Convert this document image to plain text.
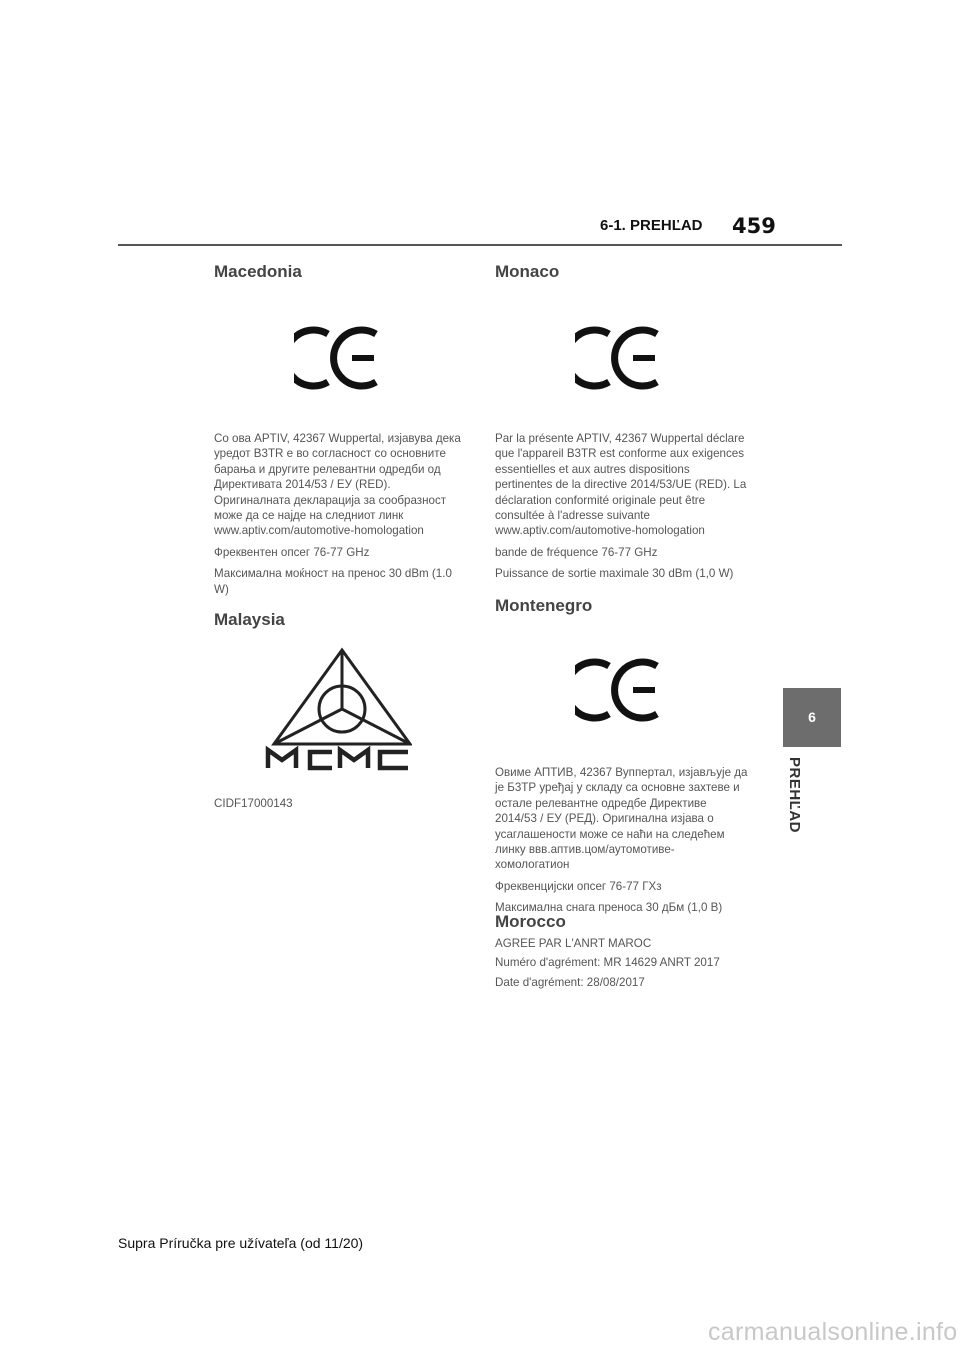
6-1. PREHĽAD 459
6
PREHĽAD
Macedonia

Со ова APTIV, 42367 Wuppertal, изјавува дека уредот B3TR е во согласност со основните барања и другите релевантни одредби од Директивата 2014/53 / ЕУ (RED). Оригиналната декларација за сообразност може да се најде на следниот линк www.aptiv.com/automotive-homologation

Фреквентен опсег 76-77 GHz

Максимална моќност на пренос 30 dBm (1.0 W)

Malaysia

CIDF17000143

Monaco

Par la présente APTIV, 42367 Wuppertal déclare que l'appareil B3TR est conforme aux exigences essentielles et aux autres dispositions pertinentes de la directive 2014/53/UE (RED). La déclaration conformité originale peut être consultée à l'adresse suivante www.aptiv.com/automotive-homologation

bande de fréquence 76-77 GHz

Puissance de sortie maximale 30 dBm (1,0 W)

Montenegro

Овиме АПТИВ, 42367 Вуппертал, изјављује да је Б3ТР уређај у складу са основне захтеве и остале релевантне одредбе Директиве 2014/53 / ЕУ (РЕД). Оригинална изјава о усаглашености може се наћи на следећем линку ввв.аптив.цом/аутомотиве-хомологатион

Фреквенцијски опсег 76-77 ГХз

Максимална снага преноса 30 дБм (1,0 В)

Morocco

AGREE PAR L'ANRT MAROC

Numéro d'agrément: MR 14629 ANRT 2017

Date d'agrément: 28/08/2017

Supra Príručka pre užívateľa (od 11/20)
carmanualsonline.info
